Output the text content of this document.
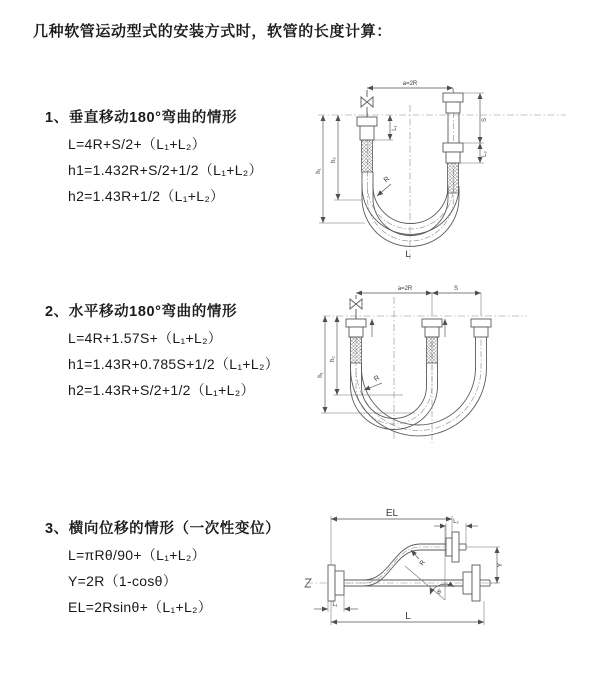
几种软管运动型式的安装方式时，软管的长度计算：
1、垂直移动180°弯曲的情形
L=4R+S/2+（L₁+L₂）
h1=1.432R+S/2+1/2（L₁+L₂）
h2=1.43R+1/2（L₁+L₂）
2、水平移动180°弯曲的情形
L=4R+1.57S+（L₁+L₂）
h1=1.43R+0.785S+1/2（L₁+L₂）
h2=1.43R+S/2+1/2（L₁+L₂）
3、横向位移的情形（一次性变位）
L=πRθ/90+（L₁+L₂）
Y=2R（1-cosθ）
EL=2Rsinθ+（L₁+L₂）
a=2R
S
L₂
L₁
h₁
h₂
R
L
a=2R	S
h₁
h₂
R
EL
L₂
Y
θ
R
L
L₁
